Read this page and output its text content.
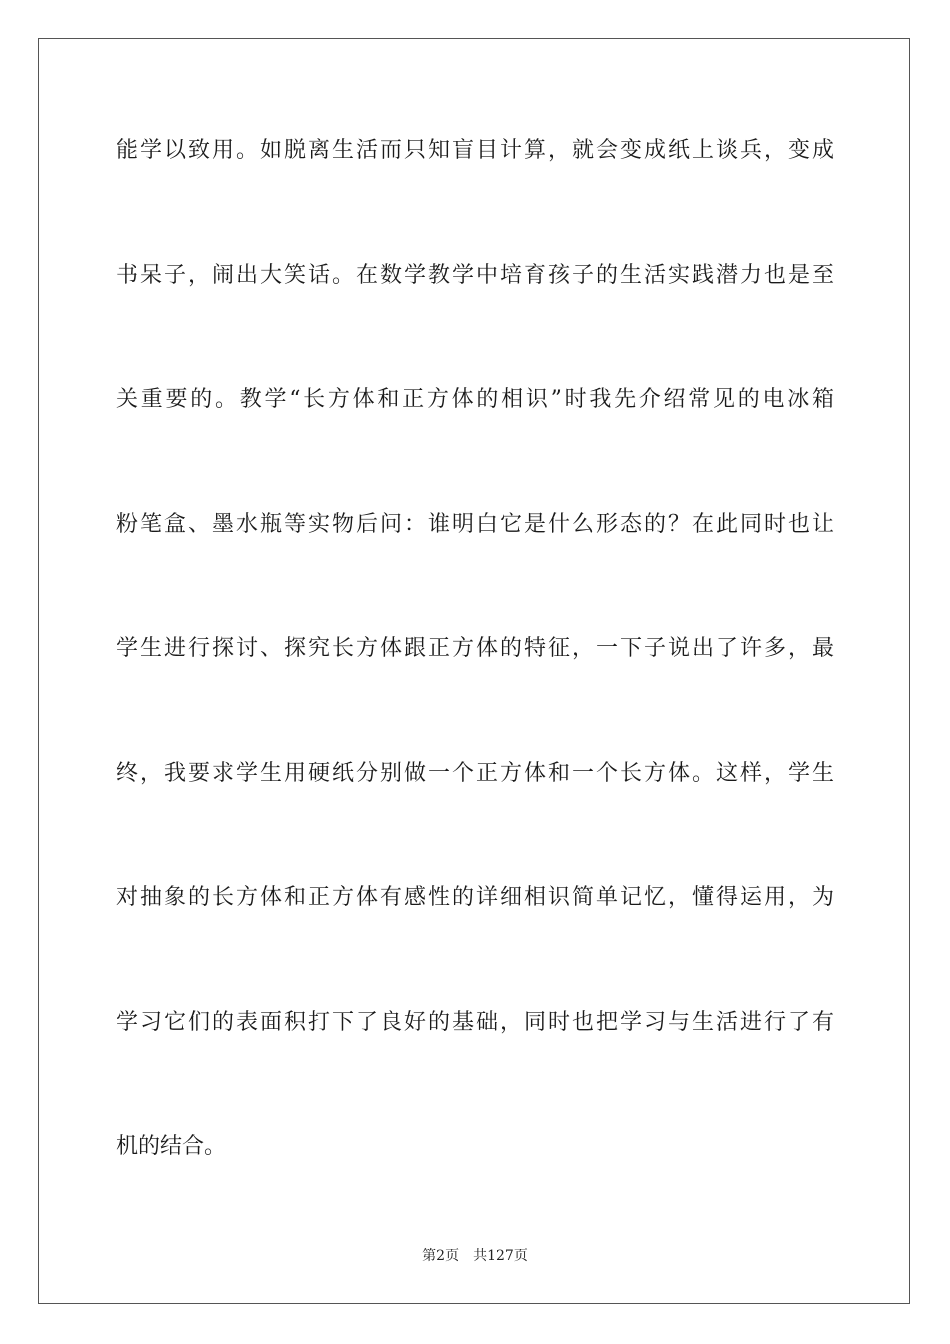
能学以致用。如脱离生活而只知盲目计算，就会变成纸上谈兵，变成
书呆子，闹出大笑话。在数学教学中培育孩子的生活实践潜力也是至
关重要的。教学“长方体和正方体的相识”时我先介绍常见的电冰箱
粉笔盒、墨水瓶等实物后问：谁明白它是什么形态的？在此同时也让
学生进行探讨、探究长方体跟正方体的特征，一下子说出了许多，最
终，我要求学生用硬纸分别做一个正方体和一个长方体。这样，学生
对抽象的长方体和正方体有感性的详细相识简单记忆，懂得运用，为
学习它们的表面积打下了良好的基础，同时也把学习与生活进行了有
机的结合。
第2页 共127页
